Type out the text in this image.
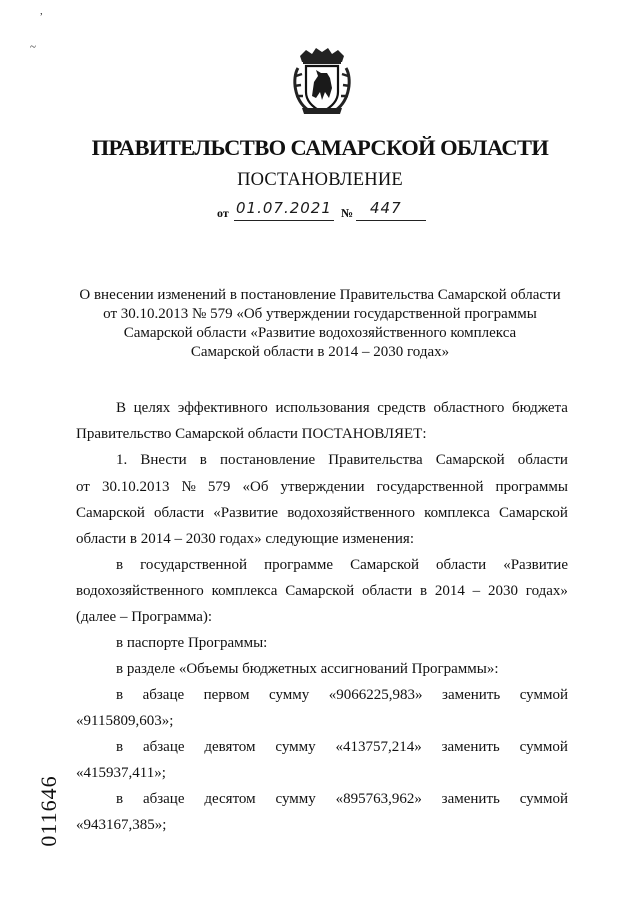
,
~
ПРАВИТЕЛЬСТВО САМАРСКОЙ ОБЛАСТИ
ПОСТАНОВЛЕНИЕ
от 01.07.2021 № 447
О внесении изменений в постановление Правительства Самарской области
от 30.10.2013 № 579 «Об утверждении государственной программы
Самарской области «Развитие водохозяйственного комплекса
Самарской области в 2014 – 2030 годах»
В целях эффективного использования средств областного бюджета
Правительство Самарской области ПОСТАНОВЛЯЕТ:
1. Внести в постановление Правительства Самарской области
от 30.10.2013 № 579 «Об утверждении государственной программы
Самарской области «Развитие водохозяйственного комплекса Самарской
области в 2014 – 2030 годах» следующие изменения:
в государственной программе Самарской области «Развитие
водохозяйственного комплекса Самарской области в 2014 – 2030 годах»
(далее – Программа):
в паспорте Программы:
в разделе «Объемы бюджетных ассигнований Программы»:
в абзаце первом сумму «9066225,983» заменить суммой
«9115809,603»;
в абзаце девятом сумму «413757,214» заменить суммой
«415937,411»;
в абзаце десятом сумму «895763,962» заменить суммой
«943167,385»;
011646
